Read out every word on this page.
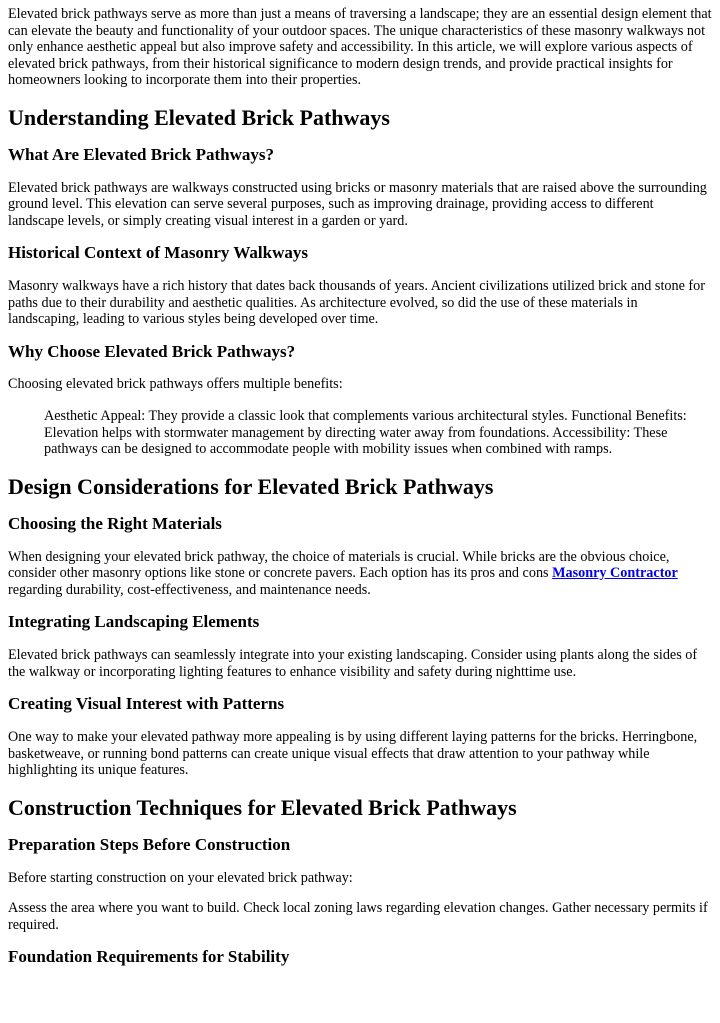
Elevated brick pathways serve as more than just a means of traversing a landscape; they are an essential design element that can elevate the beauty and functionality of your outdoor spaces. The unique characteristics of these masonry walkways not only enhance aesthetic appeal but also improve safety and accessibility. In this article, we will explore various aspects of elevated brick pathways, from their historical significance to modern design trends, and provide practical insights for homeowners looking to incorporate them into their properties.

Understanding Elevated Brick Pathways
What Are Elevated Brick Pathways?

Elevated brick pathways are walkways constructed using bricks or masonry materials that are raised above the surrounding ground level. This elevation can serve several purposes, such as improving drainage, providing access to different landscape levels, or simply creating visual interest in a garden or yard.

Historical Context of Masonry Walkways

Masonry walkways have a rich history that dates back thousands of years. Ancient civilizations utilized brick and stone for paths due to their durability and aesthetic qualities. As architecture evolved, so did the use of these materials in landscaping, leading to various styles being developed over time.

Why Choose Elevated Brick Pathways?

Choosing elevated brick pathways offers multiple benefits:

Aesthetic Appeal: They provide a classic look that complements various architectural styles. Functional Benefits: Elevation helps with stormwater management by directing water away from foundations. Accessibility: These pathways can be designed to accommodate people with mobility issues when combined with ramps.
Design Considerations for Elevated Brick Pathways
Choosing the Right Materials

When designing your elevated brick pathway, the choice of materials is crucial. While bricks are the obvious choice, consider other masonry options like stone or concrete pavers. Each option has its pros and cons Masonry Contractor regarding durability, cost-effectiveness, and maintenance needs.

Integrating Landscaping Elements

Elevated brick pathways can seamlessly integrate into your existing landscaping. Consider using plants along the sides of the walkway or incorporating lighting features to enhance visibility and safety during nighttime use.

Creating Visual Interest with Patterns

One way to make your elevated pathway more appealing is by using different laying patterns for the bricks. Herringbone, basketweave, or running bond patterns can create unique visual effects that draw attention to your pathway while highlighting its unique features.

Construction Techniques for Elevated Brick Pathways
Preparation Steps Before Construction

Before starting construction on your elevated brick pathway:

Assess the area where you want to build. Check local zoning laws regarding elevation changes. Gather necessary permits if required.

Foundation Requirements for Stability
